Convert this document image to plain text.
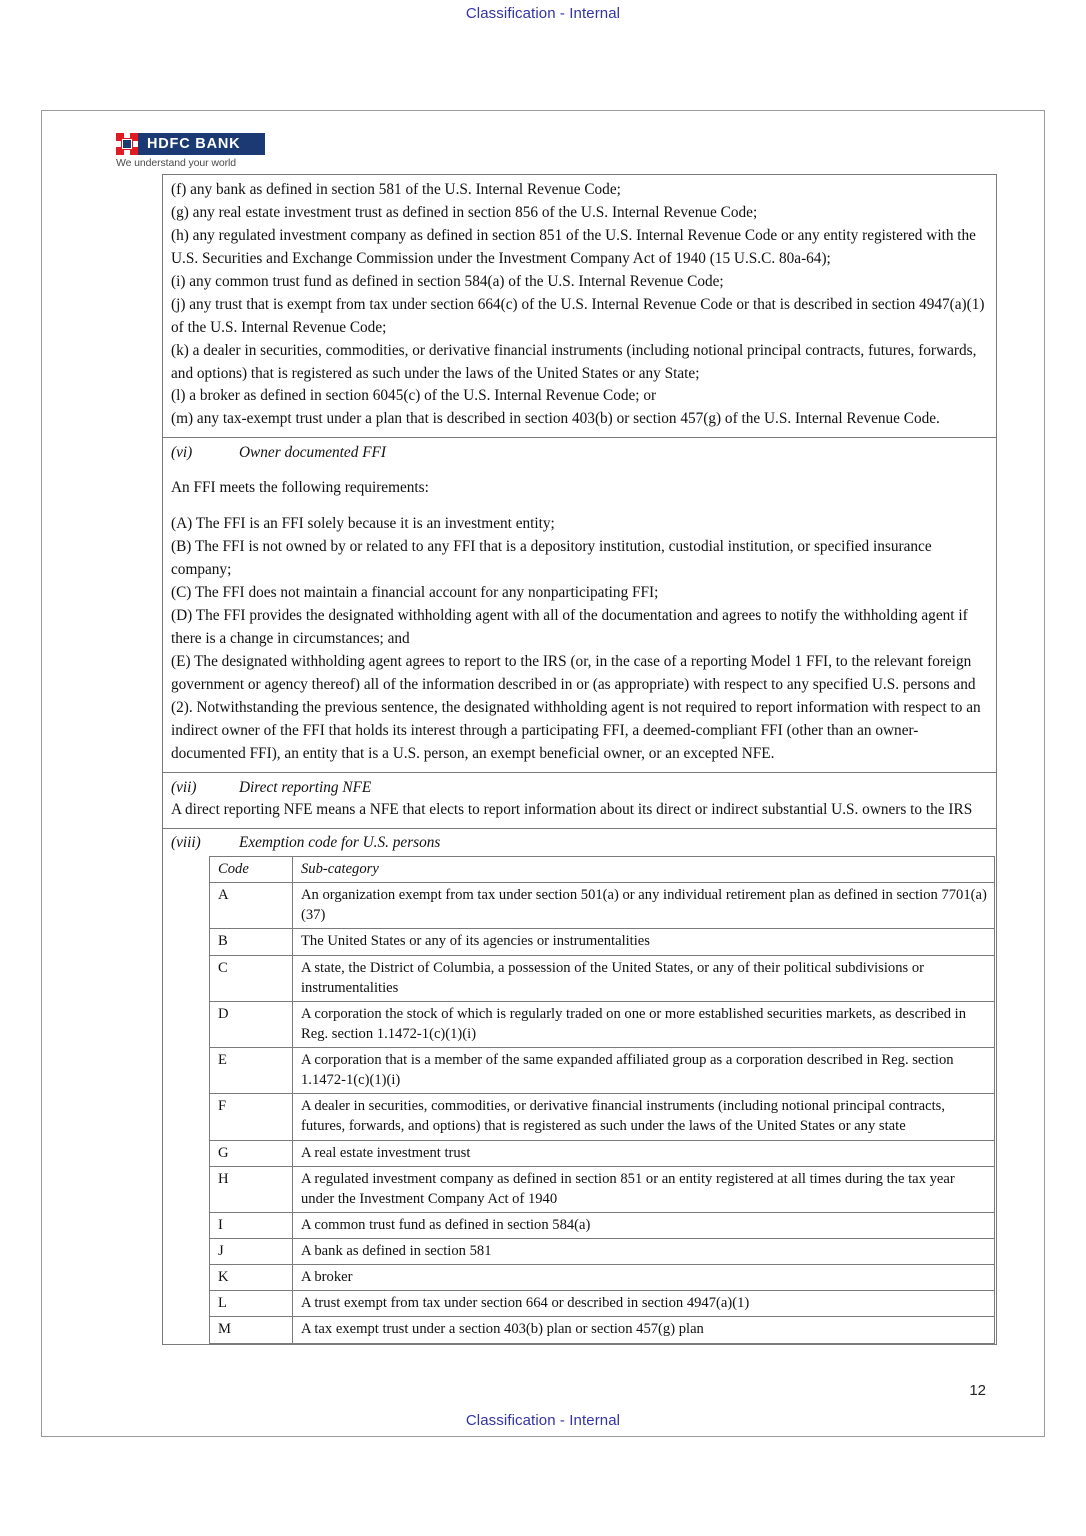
Classification - Internal
HDFC BANK
We understand your world

(f) any bank as defined in section 581 of the U.S. Internal Revenue Code;

(g) any real estate investment trust as defined in section 856 of the U.S. Internal Revenue Code;

(h) any regulated investment company as defined in section 851 of the U.S. Internal Revenue Code or any entity registered with the U.S. Securities and Exchange Commission under the Investment Company Act of 1940 (15 U.S.C. 80a-64);

(i) any common trust fund as defined in section 584(a) of the U.S. Internal Revenue Code;

(j) any trust that is exempt from tax under section 664(c) of the U.S. Internal Revenue Code or that is described in section 4947(a)(1) of the U.S. Internal Revenue Code;

(k) a dealer in securities, commodities, or derivative financial instruments (including notional principal contracts, futures, forwards, and options) that is registered as such under the laws of the United States or any State;

(l) a broker as defined in section 6045(c) of the U.S. Internal Revenue Code; or

(m) any tax-exempt trust under a plan that is described in section 403(b) or section 457(g) of the U.S. Internal Revenue Code.

(vi)	Owner documented FFI

An FFI meets the following requirements:

(A) The FFI is an FFI solely because it is an investment entity;

(B) The FFI is not owned by or related to any FFI that is a depository institution, custodial institution, or specified insurance company;

(C) The FFI does not maintain a financial account for any nonparticipating FFI;

(D) The FFI provides the designated withholding agent with all of the documentation and agrees to notify the withholding agent if there is a change in circumstances; and

(E) The designated withholding agent agrees to report to the IRS (or, in the case of a reporting Model 1 FFI, to the relevant foreign government or agency thereof) all of the information described in or (as appropriate) with respect to any specified U.S. persons and (2). Notwithstanding the previous sentence, the designated withholding agent is not required to report information with respect to an indirect owner of the FFI that holds its interest through a participating FFI, a deemed-compliant FFI (other than an owner-documented FFI), an entity that is a U.S. person, an exempt beneficial owner, or an excepted NFE.

(vii)	Direct reporting NFE

A direct reporting NFE means a NFE that elects to report information about its direct or indirect substantial U.S. owners to the IRS

(viii)	Exemption code for U.S. persons
Code	Sub-category
A	An organization exempt from tax under section 501(a) or any individual retirement plan as defined in section 7701(a)(37)
B	The United States or any of its agencies or instrumentalities
C	A state, the District of Columbia, a possession of the United States, or any of their political subdivisions or instrumentalities
D	A corporation the stock of which is regularly traded on one or more established securities markets, as described in Reg. section 1.1472-1(c)(1)(i)
E	A corporation that is a member of the same expanded affiliated group as a corporation described in Reg. section 1.1472-1(c)(1)(i)
F	A dealer in securities, commodities, or derivative financial instruments (including notional principal contracts, futures, forwards, and options) that is registered as such under the laws of the United States or any state
G	A real estate investment trust
H	A regulated investment company as defined in section 851 or an entity registered at all times during the tax year under the Investment Company Act of 1940
I	A common trust fund as defined in section 584(a)
J	A bank as defined in section 581
K	A broker
L	A trust exempt from tax under section 664 or described in section 4947(a)(1)
M	A tax exempt trust under a section 403(b) plan or section 457(g) plan
12
Classification - Internal
